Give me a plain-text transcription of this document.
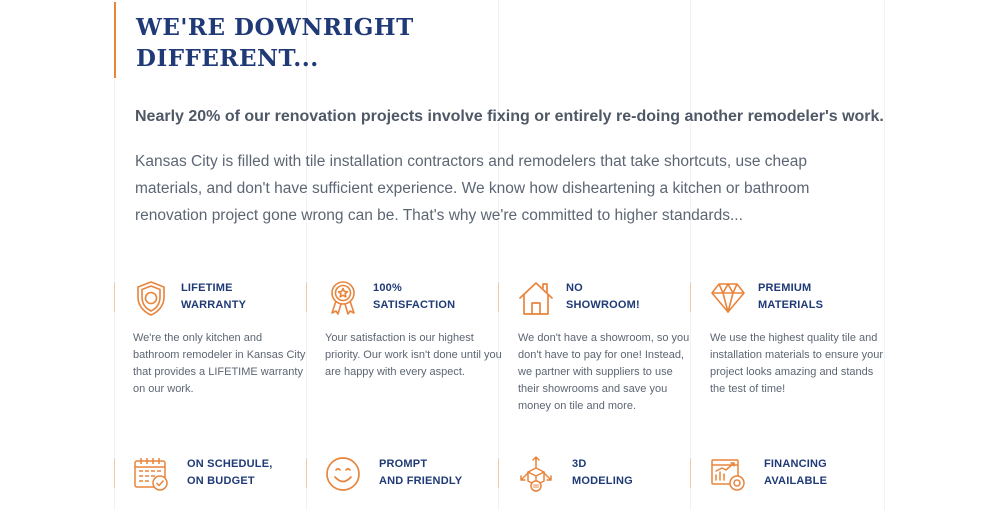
WE'RE DOWNRIGHT
DIFFERENT...

Nearly 20% of our renovation projects involve fixing or entirely re-doing another remodeler's work.

Kansas City is filled with tile installation contractors and remodelers that take shortcuts, use cheap materials, and don't have sufficient experience. We know how disheartening a kitchen or bathroom renovation project gone wrong can be. That's why we're committed to higher standards...

LIFETIME
WARRANTY

We're the only kitchen and bathroom remodeler in Kansas City that provides a LIFETIME warranty on our work.

100%
SATISFACTION

Your satisfaction is our highest priority. Our work isn't done until you are happy with every aspect.

NO
SHOWROOM!

We don't have a showroom, so you don't have to pay for one! Instead, we partner with suppliers to use their showrooms and save you money on tile and more.

PREMIUM
MATERIALS

We use the highest quality tile and installation materials to ensure your project looks amazing and stands the test of time!

ON SCHEDULE,
ON BUDGET
PROMPT
AND FRIENDLY
3D
MODELING
FINANCING
AVAILABLE
